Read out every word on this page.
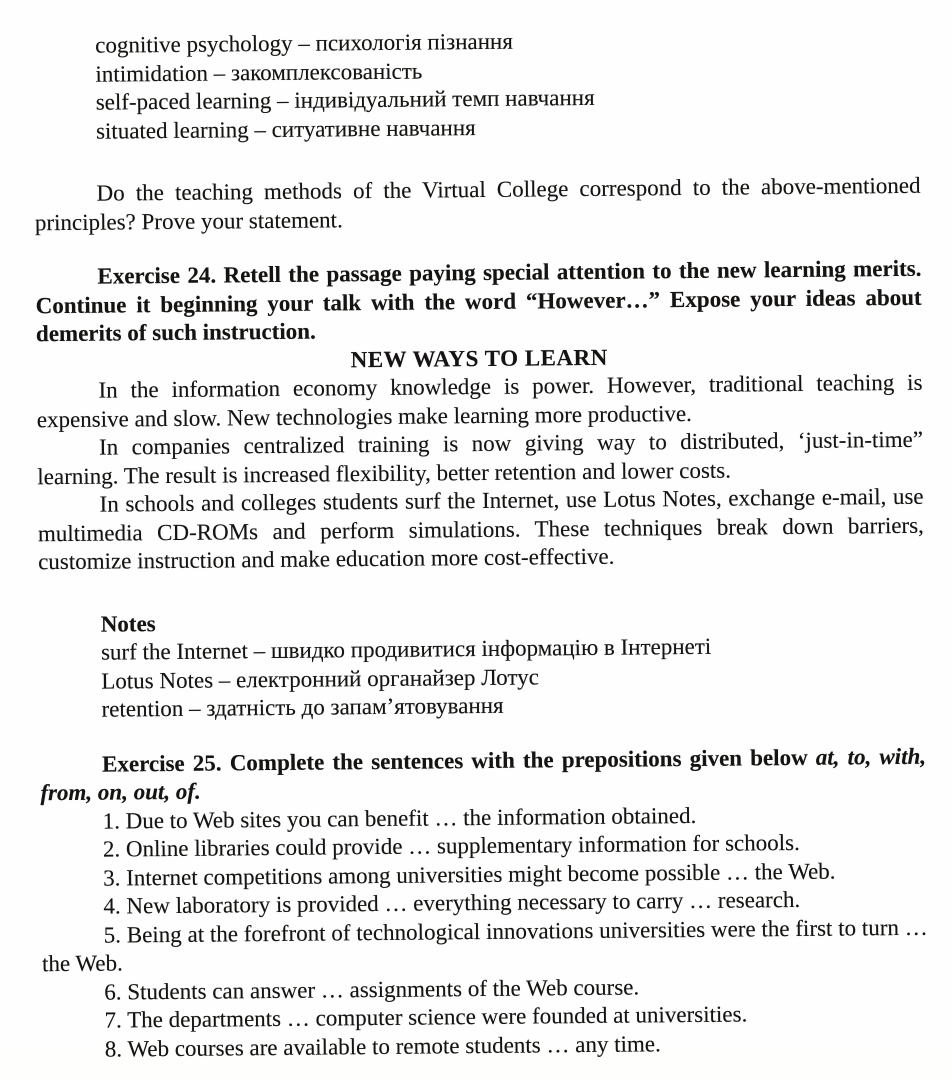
cognitive psychology – психологія пізнання

intimidation – закомплексованість

self-paced learning – індивідуальний темп навчання

situated learning – ситуативне навчання

Do the teaching methods of the Virtual College correspond to the above-mentioned principles? Prove your statement.

Exercise 24. Retell the passage paying special attention to the new learning merits. Continue it beginning your talk with the word “However…” Expose your ideas about demerits of such instruction.

NEW WAYS TO LEARN

In the information economy knowledge is power. However, traditional teaching is expensive and slow. New technologies make learning more productive.

In companies centralized training is now giving way to distributed, ‘just-in-time” learning. The result is increased flexibility, better retention and lower costs.

In schools and colleges students surf the Internet, use Lotus Notes, exchange e-mail, use multimedia CD-ROMs and perform simulations. These techniques break down barriers, customize instruction and make education more cost-effective.

Notes

surf the Internet – швидко продивитися інформацію в Інтернеті

Lotus Notes – електронний органайзер Лотус

retention – здатність до запам’ятовування

Exercise 25. Complete the sentences with the prepositions given below at, to, with, from, on, out, of.

1. Due to Web sites you can benefit … the information obtained.

2. Online libraries could provide … supplementary information for schools.

3. Internet competitions among universities might become possible … the Web.

4. New laboratory is provided … everything necessary to carry … research.

5. Being at the forefront of technological innovations universities were the first to turn … the Web.

6. Students can answer … assignments of the Web course.

7. The departments … computer science were founded at universities.

8. Web courses are available to remote students … any time.
